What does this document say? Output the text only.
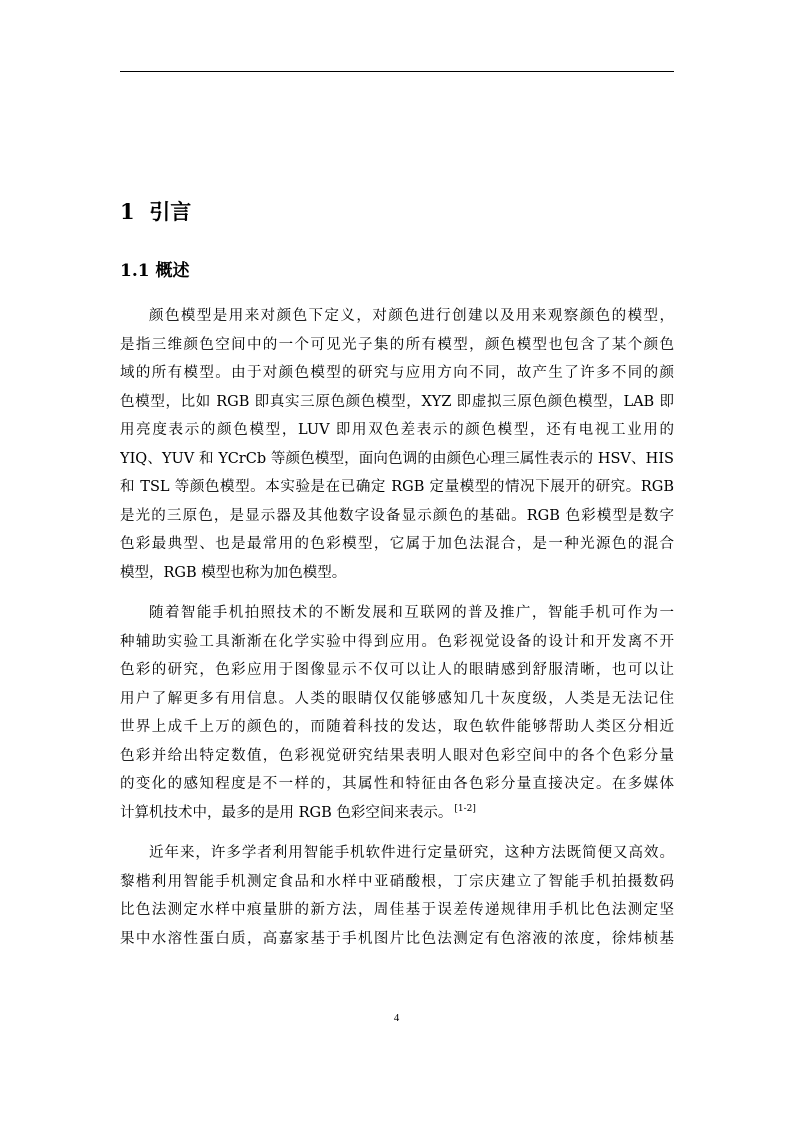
1 引言
1.1 概述
颜色模型是用来对颜色下定义，对颜色进行创建以及用来观察颜色的模型，
是指三维颜色空间中的一个可见光子集的所有模型，颜色模型也包含了某个颜色
域的所有模型。由于对颜色模型的研究与应用方向不同，故产生了许多不同的颜
色模型，比如 RGB 即真实三原色颜色模型，XYZ 即虚拟三原色颜色模型，LAB 即
用亮度表示的颜色模型，LUV 即用双色差表示的颜色模型，还有电视工业用的
YIQ、YUV 和 YCrCb 等颜色模型，面向色调的由颜色心理三属性表示的 HSV、HIS
和 TSL 等颜色模型。本实验是在已确定 RGB 定量模型的情况下展开的研究。RGB
是光的三原色，是显示器及其他数字设备显示颜色的基础。RGB 色彩模型是数字
色彩最典型、也是最常用的色彩模型，它属于加色法混合，是一种光源色的混合
模型，RGB 模型也称为加色模型。
随着智能手机拍照技术的不断发展和互联网的普及推广，智能手机可作为一
种辅助实验工具渐渐在化学实验中得到应用。色彩视觉设备的设计和开发离不开
色彩的研究，色彩应用于图像显示不仅可以让人的眼睛感到舒服清晰，也可以让
用户了解更多有用信息。人类的眼睛仅仅能够感知几十灰度级，人类是无法记住
世界上成千上万的颜色的，而随着科技的发达，取色软件能够帮助人类区分相近
色彩并给出特定数值，色彩视觉研究结果表明人眼对色彩空间中的各个色彩分量
的变化的感知程度是不一样的，其属性和特征由各色彩分量直接决定。在多媒体
计算机技术中，最多的是用 RGB 色彩空间来表示。 [1-2]
近年来，许多学者利用智能手机软件进行定量研究，这种方法既简便又高效。
黎楷利用智能手机测定食品和水样中亚硝酸根，丁宗庆建立了智能手机拍摄数码
比色法测定水样中痕量肼的新方法，周佳基于误差传递规律用手机比色法测定坚
果中水溶性蛋白质，高嘉家基于手机图片比色法测定有色溶液的浓度，徐炜桢基
4
